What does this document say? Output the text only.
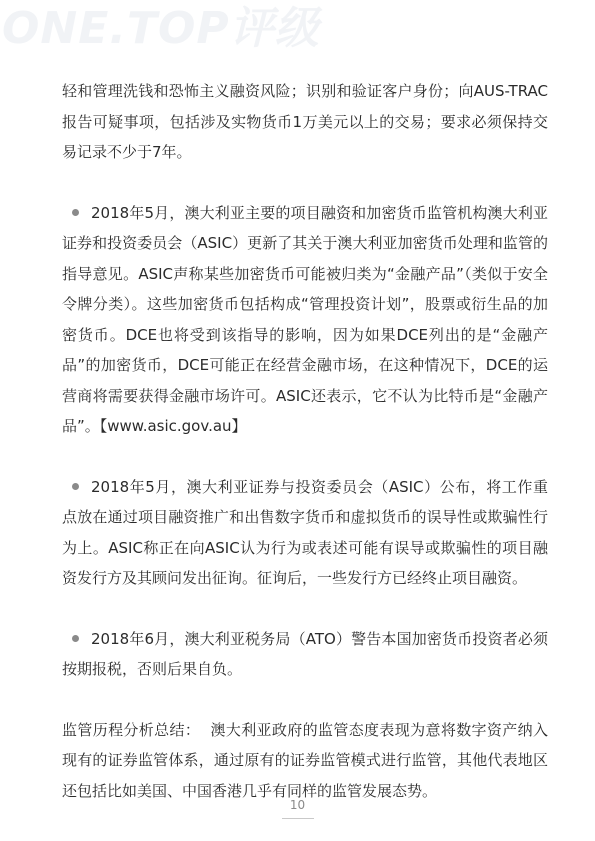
ONE.TOP评级

轻和管理洗钱和恐怖主义融资风险；识别和验证客户身份；向AUS-TRAC报告可疑事项，包括涉及实物货币1万美元以上的交易；要求必须保持交易记录不少于7年。

2018年5月，澳大利亚主要的项目融资和加密货币监管机构澳大利亚证券和投资委员会（ASIC）更新了其关于澳大利亚加密货币处理和监管的指导意见。ASIC声称某些加密货币可能被归类为“金融产品”（类似于安全令牌分类）。这些加密货币包括构成“管理投资计划”，股票或衍生品的加密货币。DCE也将受到该指导的影响，因为如果DCE列出的是“金融产品”的加密货币，DCE可能正在经营金融市场，在这种情况下，DCE的运营商将需要获得金融市场许可。ASIC还表示，它不认为比特币是“金融产品”。【www.asic.gov.au】

2018年5月，澳大利亚证券与投资委员会（ASIC）公布，将工作重点放在通过项目融资推广和出售数字货币和虚拟货币的误导性或欺骗性行为上。ASIC称正在向ASIC认为行为或表述可能有误导或欺骗性的项目融资发行方及其顾问发出征询。征询后，一些发行方已经终止项目融资。

2018年6月，澳大利亚税务局（ATO）警告本国加密货币投资者必须按期报税，否则后果自负。

监管历程分析总结：  澳大利亚政府的监管态度表现为意将数字资产纳入现有的证券监管体系，通过原有的证券监管模式进行监管，其他代表地区还包括比如美国、中国香港几乎有同样的监管发展态势。

10
